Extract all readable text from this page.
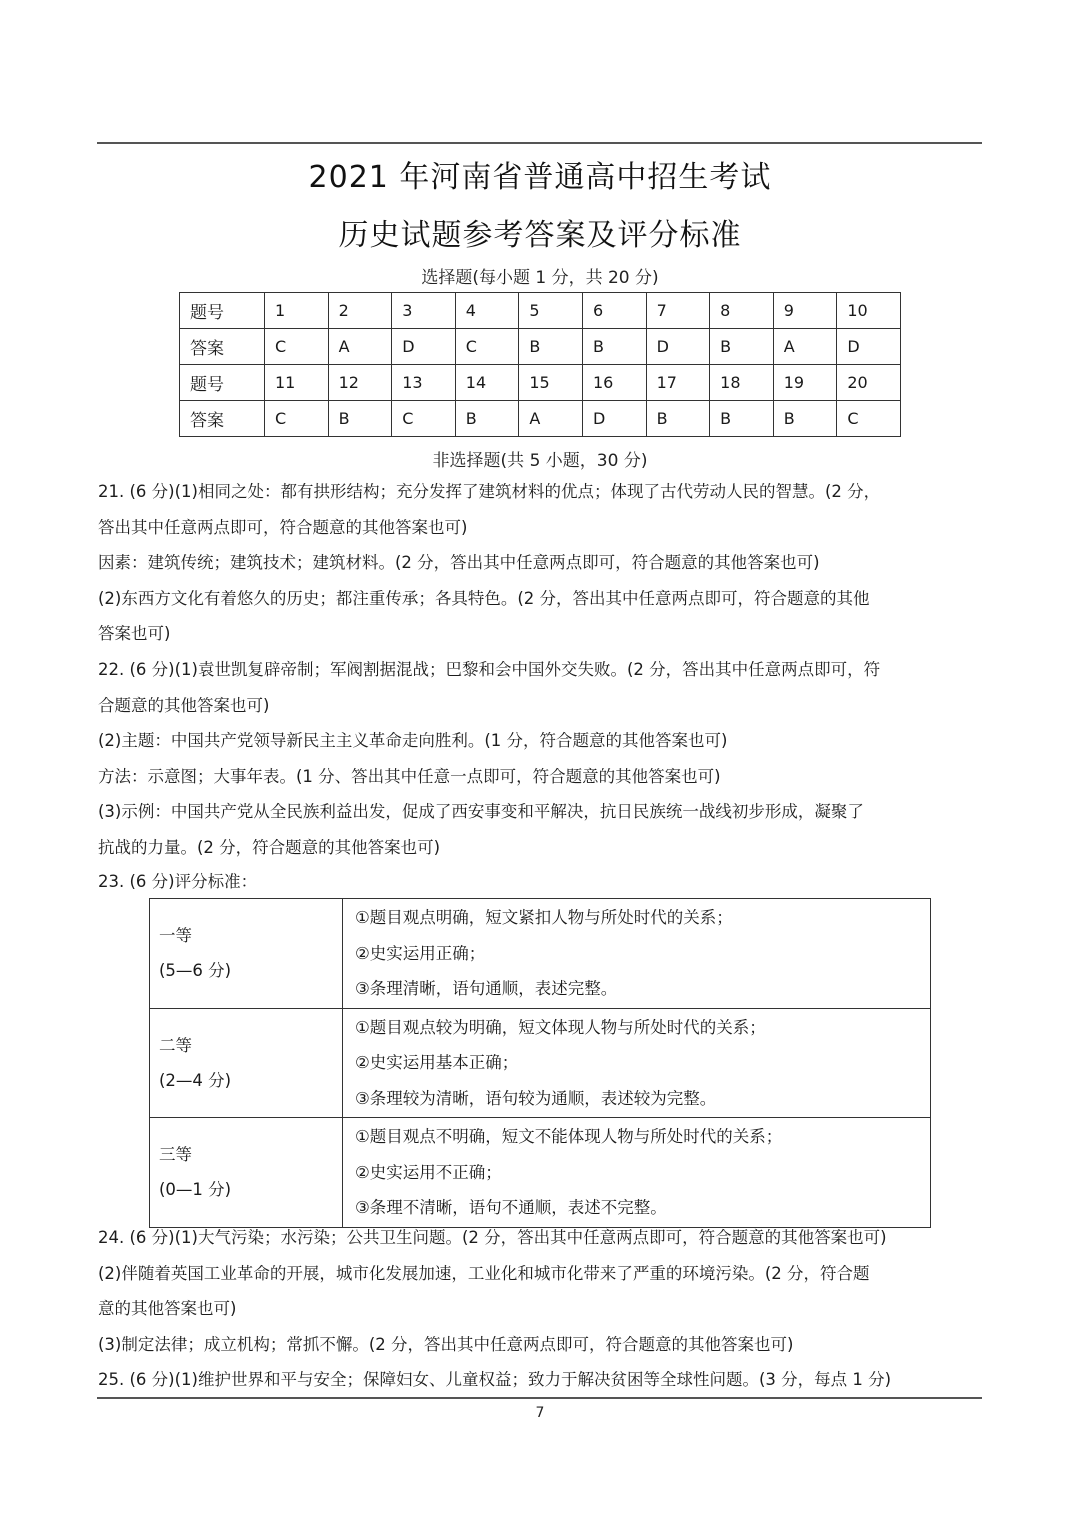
2021 年河南省普通高中招生考试
历史试题参考答案及评分标准
选择题(每小题 1 分，共 20 分)
题号	1	2	3	4	5	6	7	8	9	10
答案	C	A	D	C	B	B	D	B	A	D
题号	11	12	13	14	15	16	17	18	19	20
答案	C	B	C	B	A	D	B	B	B	C
非选择题(共 5 小题，30 分)

21. (6 分)(1)相同之处：都有拱形结构；充分发挥了建筑材料的优点；体现了古代劳动人民的智慧。(2 分，

答出其中任意两点即可，符合题意的其他答案也可)

因素：建筑传统；建筑技术；建筑材料。(2 分，答出其中任意两点即可，符合题意的其他答案也可)

(2)东西方文化有着悠久的历史；都注重传承；各具特色。(2 分，答出其中任意两点即可，符合题意的其他

答案也可)

22. (6 分)(1)袁世凯复辟帝制；军阀割据混战；巴黎和会中国外交失败。(2 分，答出其中任意两点即可，符

合题意的其他答案也可)

(2)主题：中国共产党领导新民主主义革命走向胜利。(1 分，符合题意的其他答案也可)

方法：示意图；大事年表。(1 分、答出其中任意一点即可，符合题意的其他答案也可)

(3)示例：中国共产党从全民族利益出发，促成了西安事变和平解决，抗日民族统一战线初步形成，凝聚了

抗战的力量。(2 分，符合题意的其他答案也可)

23. (6 分)评分标准：

一等
(5—6 分)

①题目观点明确，短文紧扣人物与所处时代的关系；
②史实运用正确；
③条理清晰，语句通顺，表述完整。

二等
(2—4 分)

①题目观点较为明确，短文体现人物与所处时代的关系；
②史实运用基本正确；
③条理较为清晰，语句较为通顺，表述较为完整。

三等
(0—1 分)

①题目观点不明确，短文不能体现人物与所处时代的关系；
②史实运用不正确；
③条理不清晰，语句不通顺，表述不完整。

24. (6 分)(1)大气污染；水污染；公共卫生问题。(2 分，答出其中任意两点即可，符合题意的其他答案也可)

(2)伴随着英国工业革命的开展，城市化发展加速，工业化和城市化带来了严重的环境污染。(2 分，符合题

意的其他答案也可)

(3)制定法律；成立机构；常抓不懈。(2 分，答出其中任意两点即可，符合题意的其他答案也可)

25. (6 分)(1)维护世界和平与安全；保障妇女、儿童权益；致力于解决贫困等全球性问题。(3 分，每点 1 分)

7
